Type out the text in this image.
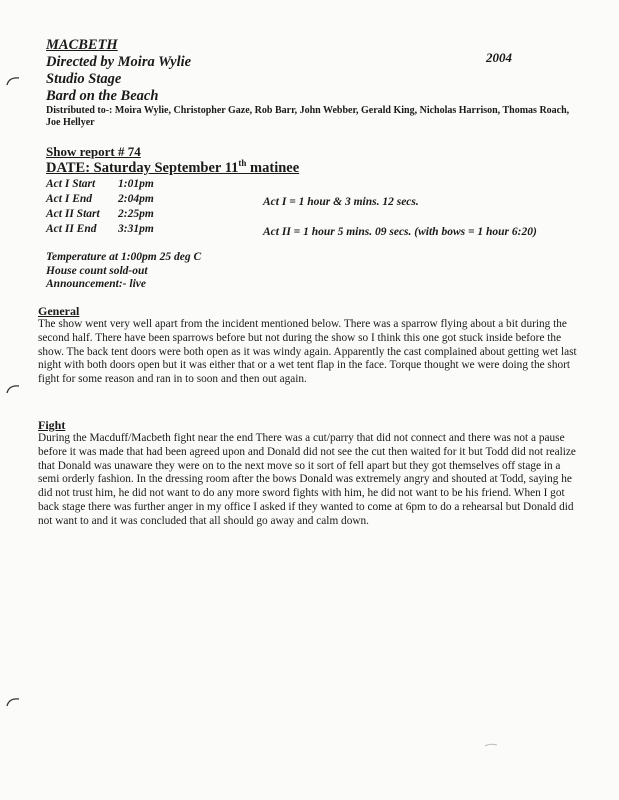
MACBETH
Directed by Moira Wylie
Studio Stage
Bard on the Beach
2004
Distributed to-: Moira Wylie, Christopher Gaze, Rob Barr, John Webber, Gerald King, Nicholas Harrison, Thomas Roach, Joe Hellyer
Show report # 74
DATE: Saturday September 11th matinee
Act I Start	1:01pm
Act I End	2:04pm
Act II Start	2:25pm
Act II End	3:31pm
Act I = 1 hour & 3 mins. 12 secs.
Act II = 1 hour 5 mins. 09 secs. (with bows = 1 hour 6:20)
Temperature at 1:00pm 25 deg C
House count sold-out
Announcement:- live
General
The show went very well apart from the incident mentioned below. There was a sparrow flying about a bit during the second half. There have been sparrows before but not during the show so I think this one got stuck inside before the show. The back tent doors were both open as it was windy again. Apparently the cast complained about getting wet last night with both doors open but it was either that or a wet tent flap in the face. Torque thought we were doing the short fight for some reason and ran in to soon and then out again.
Fight
During the Macduff/Macbeth fight near the end There was a cut/parry that did not connect and there was not a pause before it was made that had been agreed upon and Donald did not see the cut then waited for it but Todd did not realize that Donald was unaware they were on to the next move so it sort of fell apart but they got themselves off stage in a semi orderly fashion. In the dressing room after the bows Donald was extremely angry and shouted at Todd, saying he did not trust him, he did not want to do any more sword fights with him, he did not want to be his friend. When I got back stage there was further anger in my office I asked if they wanted to come at 6pm to do a rehearsal but Donald did not want to and it was concluded that all should go away and calm down.
